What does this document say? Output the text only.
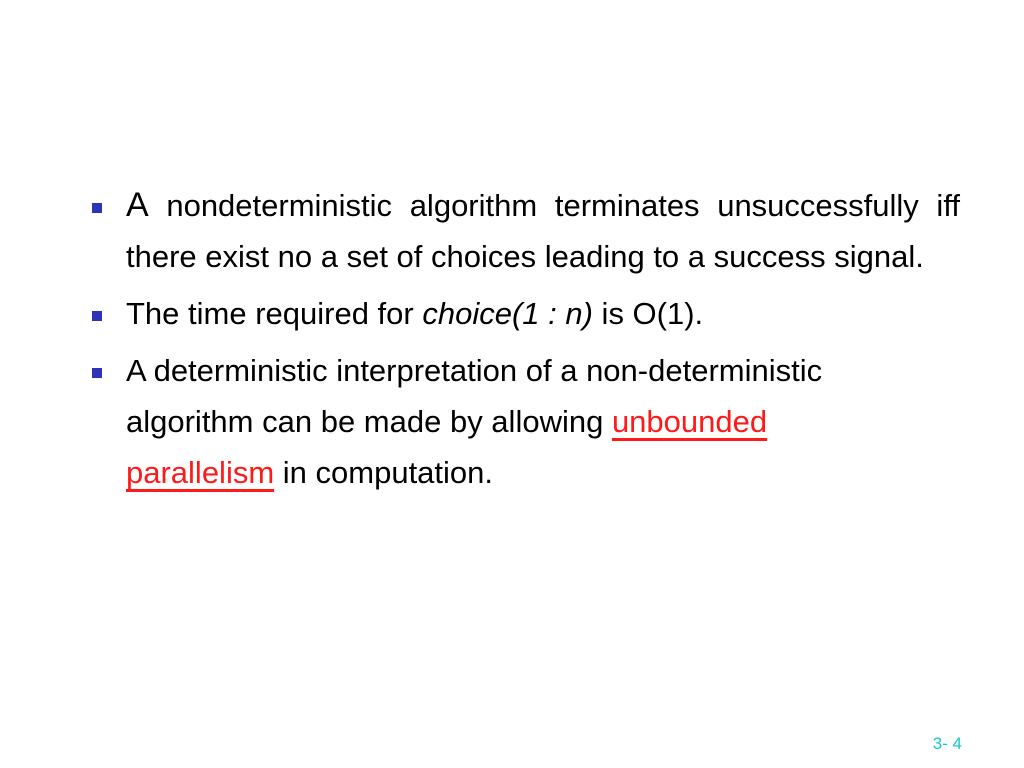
A nondeterministic algorithm terminates unsuccessfully iff there exist no a set of choices leading to a success signal.
The time required for choice(1 : n) is O(1).
A deterministic interpretation of a non-deterministic algorithm can be made by allowing unbounded parallelism in computation.
3- 4
